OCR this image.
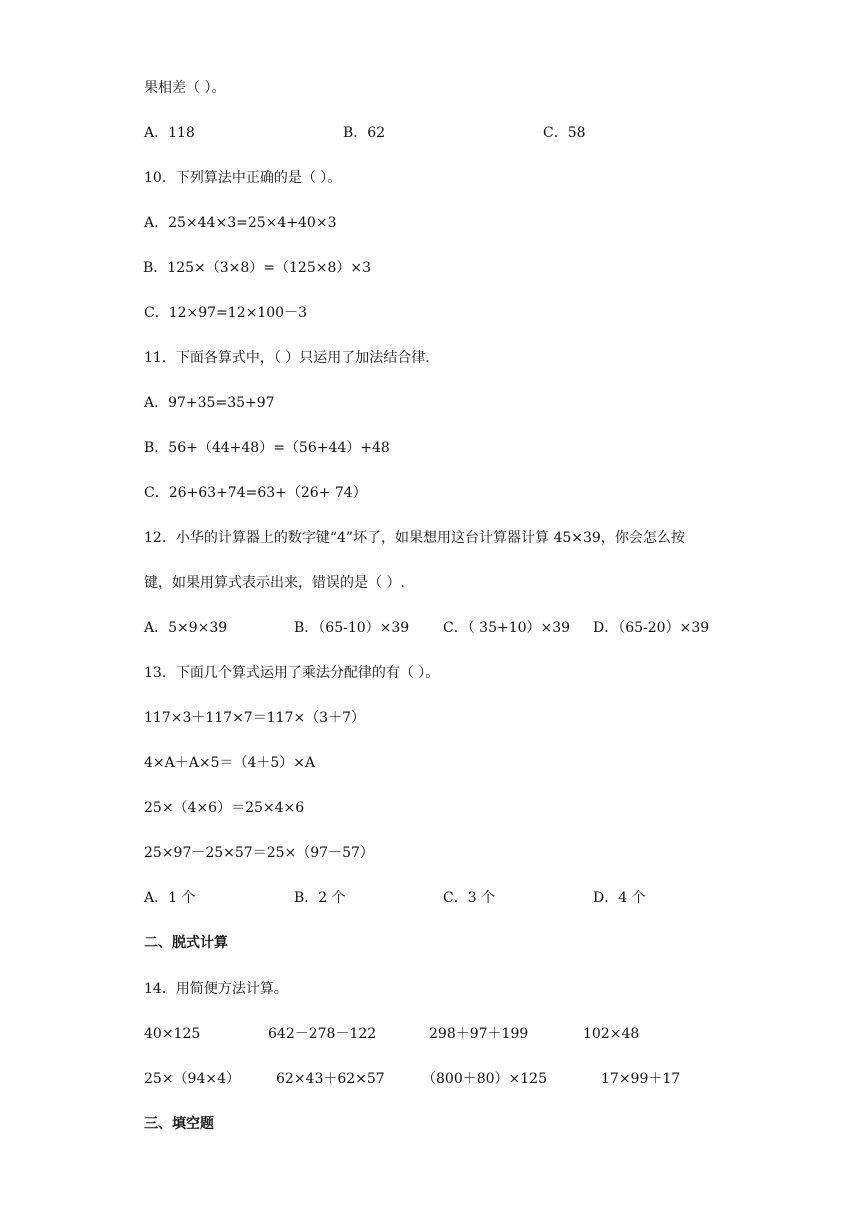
果相差（ ）。
A．118	B．62	C．58
10．下列算法中正确的是（ ）。
A．25×44×3=25×4+40×3
B．125×（3×8）=（125×8）×3
C．12×97=12×100－3
11．下面各算式中，（ ）只运用了加法结合律．
A．97+35=35+97
B．56+（44+48）=（56+44）+48
C．26+63+74=63+（26+ 74）
12．小华的计算器上的数字键“4”坏了，如果想用这台计算器计算 45×39，你会怎么按
键，如果用算式表示出来，错误的是（ ）.
A．5×9×39	B．（65-10）×39 C．（ 35+10）×39 D．（65-20）×39
13．下面几个算式运用了乘法分配律的有（ ）。
117×3＋117×7＝117×（3＋7）
4×A＋A×5＝（4＋5）×A
25×（4×6）＝25×4×6
25×97－25×57＝25×（97－57）
A．1 个	B．2 个	C．3 个	D．4 个
二、脱式计算
14．用简便方法计算。
40×125	642－278－122	298＋97＋199	102×48
25×（94×4）	62×43＋62×57	（800＋80）×125	17×99＋17
三、填空题
